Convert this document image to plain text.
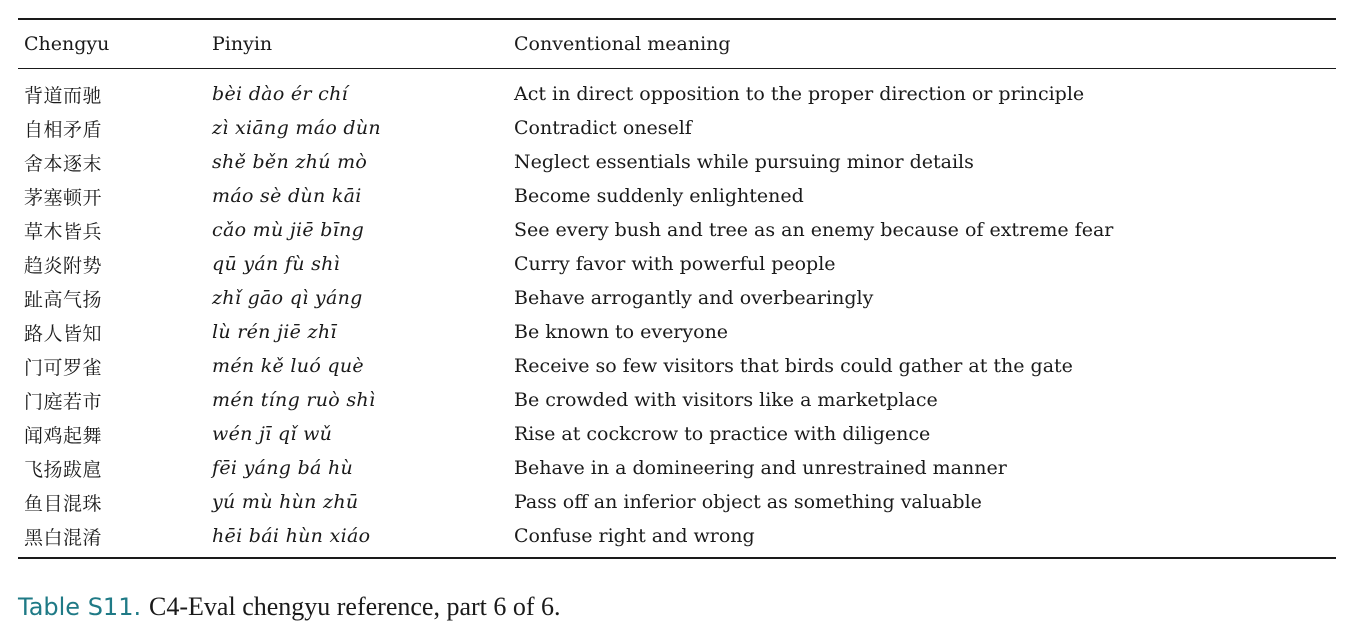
Chengyu	Pinyin	Conventional meaning
背道而驰	bèi dào ér chí	Act in direct opposition to the proper direction or principle
自相矛盾	zì xiāng máo dùn	Contradict oneself
舍本逐末	shě běn zhú mò	Neglect essentials while pursuing minor details
茅塞顿开	máo sè dùn kāi	Become suddenly enlightened
草木皆兵	cǎo mù jiē bīng	See every bush and tree as an enemy because of extreme fear
趋炎附势	qū yán fù shì	Curry favor with powerful people
趾高气扬	zhǐ gāo qì yáng	Behave arrogantly and overbearingly
路人皆知	lù rén jiē zhī	Be known to everyone
门可罗雀	mén kě luó què	Receive so few visitors that birds could gather at the gate
门庭若市	mén tíng ruò shì	Be crowded with visitors like a marketplace
闻鸡起舞	wén jī qǐ wǔ	Rise at cockcrow to practice with diligence
飞扬跋扈	fēi yáng bá hù	Behave in a domineering and unrestrained manner
鱼目混珠	yú mù hùn zhū	Pass off an inferior object as something valuable
黑白混淆	hēi bái hùn xiáo	Confuse right and wrong
Table S11. C4-Eval chengyu reference, part 6 of 6.
